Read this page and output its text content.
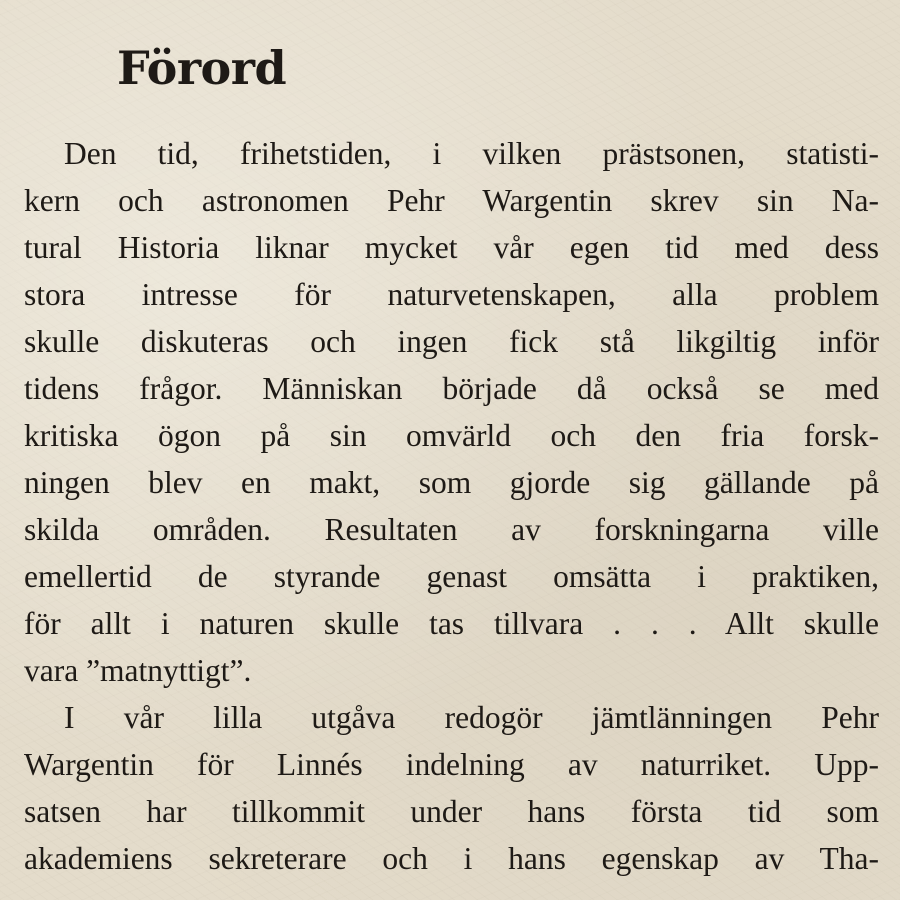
Förord
Den tid, frihetstiden, i vilken prästsonen, statisti-
kern och astronomen Pehr Wargentin skrev sin Na-
tural Historia liknar mycket vår egen tid med dess
stora intresse för naturvetenskapen, alla problem
skulle diskuteras och ingen fick stå likgiltig inför
tidens frågor. Människan började då också se med
kritiska ögon på sin omvärld och den fria forsk-
ningen blev en makt, som gjorde sig gällande på
skilda områden. Resultaten av forskningarna ville
emellertid de styrande genast omsätta i praktiken,
för allt i naturen skulle tas tillvara . . . Allt skulle
vara ”matnyttigt”.
I vår lilla utgåva redogör jämtlänningen Pehr
Wargentin för Linnés indelning av naturriket. Upp-
satsen har tillkommit under hans första tid som
akademiens sekreterare och i hans egenskap av Tha-
